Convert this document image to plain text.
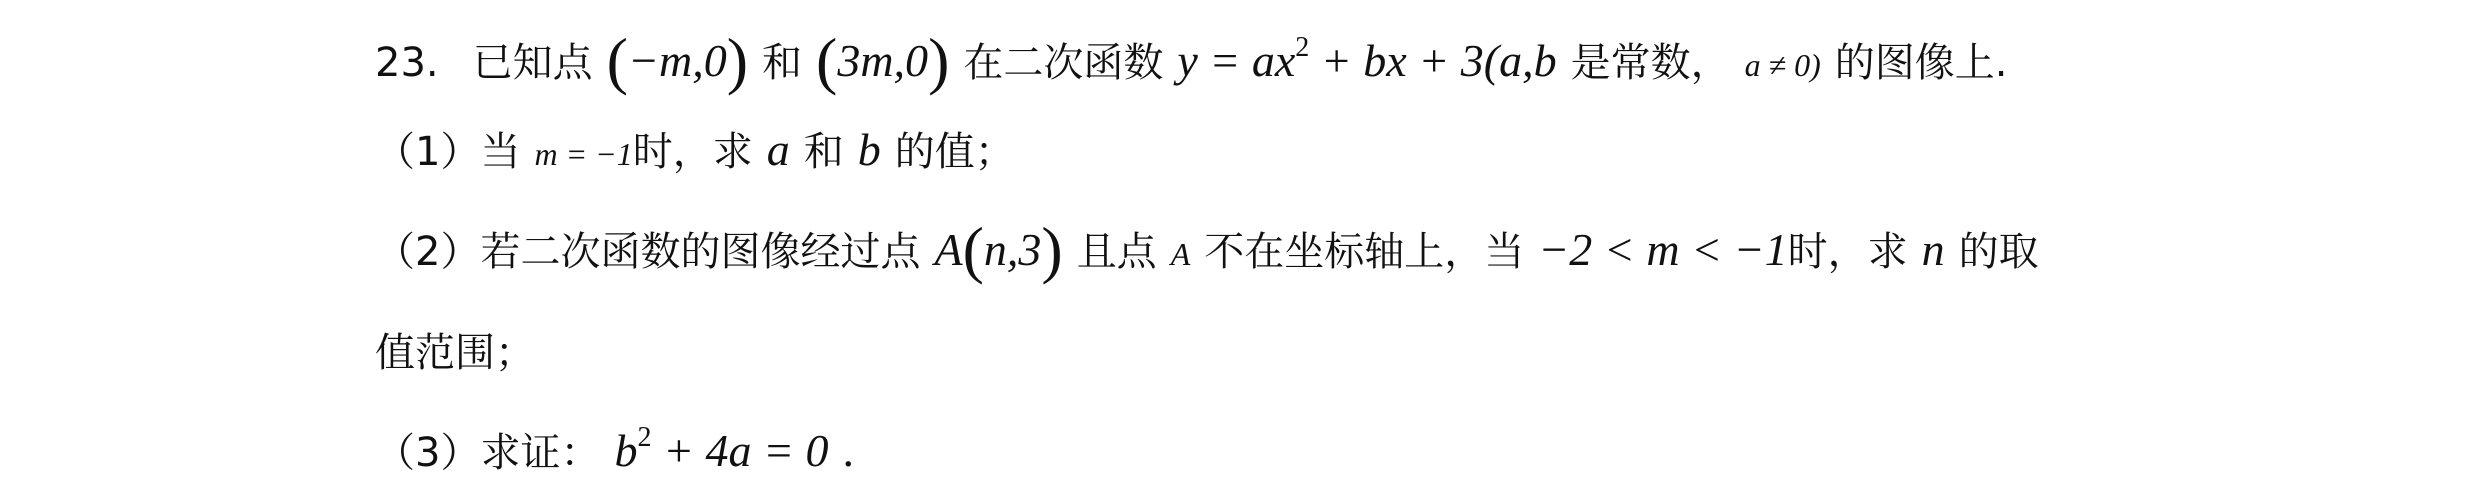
23. 已知点 (−m,0) 和 (3m,0) 在二次函数 $y = ax^2$ + bx + 3(a,b 是常数， a ≠ 0) 的图像上.
（1）当 m = −1时，求 a 和 b 的值；
（2）若二次函数的图像经过点 A(n,3) 且点 A 不在坐标轴上，当 −2 < m < −1时，求 n 的取
值范围；
（3）求证： $b^2 + 4a = 0$ .
